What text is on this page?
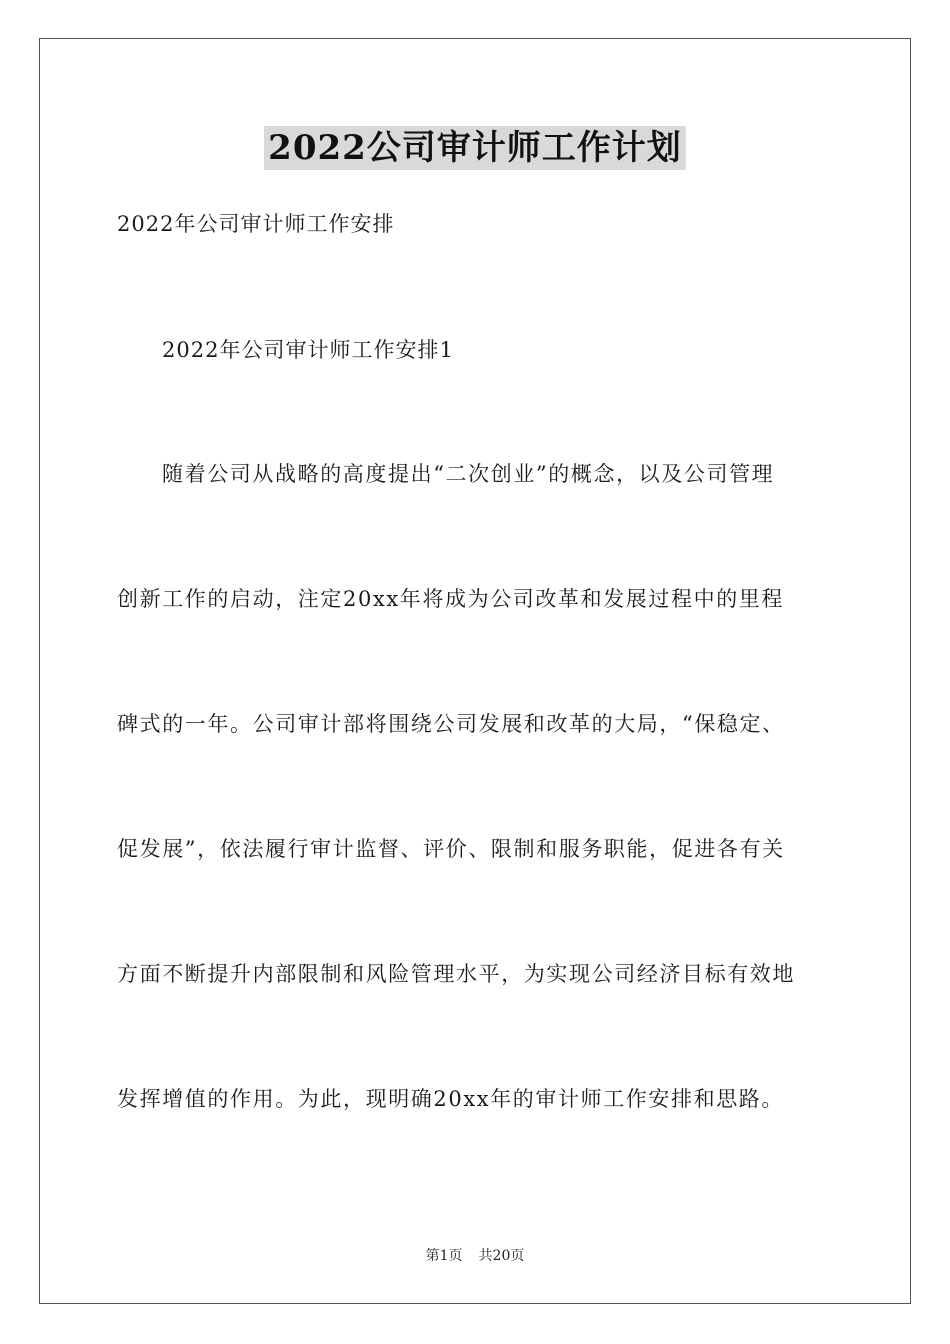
2022公司审计师工作计划
2022年公司审计师工作安排
2022年公司审计师工作安排1
随着公司从战略的高度提出“二次创业”的概念，以及公司管理
创新工作的启动，注定20xx年将成为公司改革和发展过程中的里程
碑式的一年。公司审计部将围绕公司发展和改革的大局，“保稳定、
促发展”，依法履行审计监督、评价、限制和服务职能，促进各有关
方面不断提升内部限制和风险管理水平，为实现公司经济目标有效地
发挥增值的作用。为此，现明确20xx年的审计师工作安排和思路。
第1页 共20页
